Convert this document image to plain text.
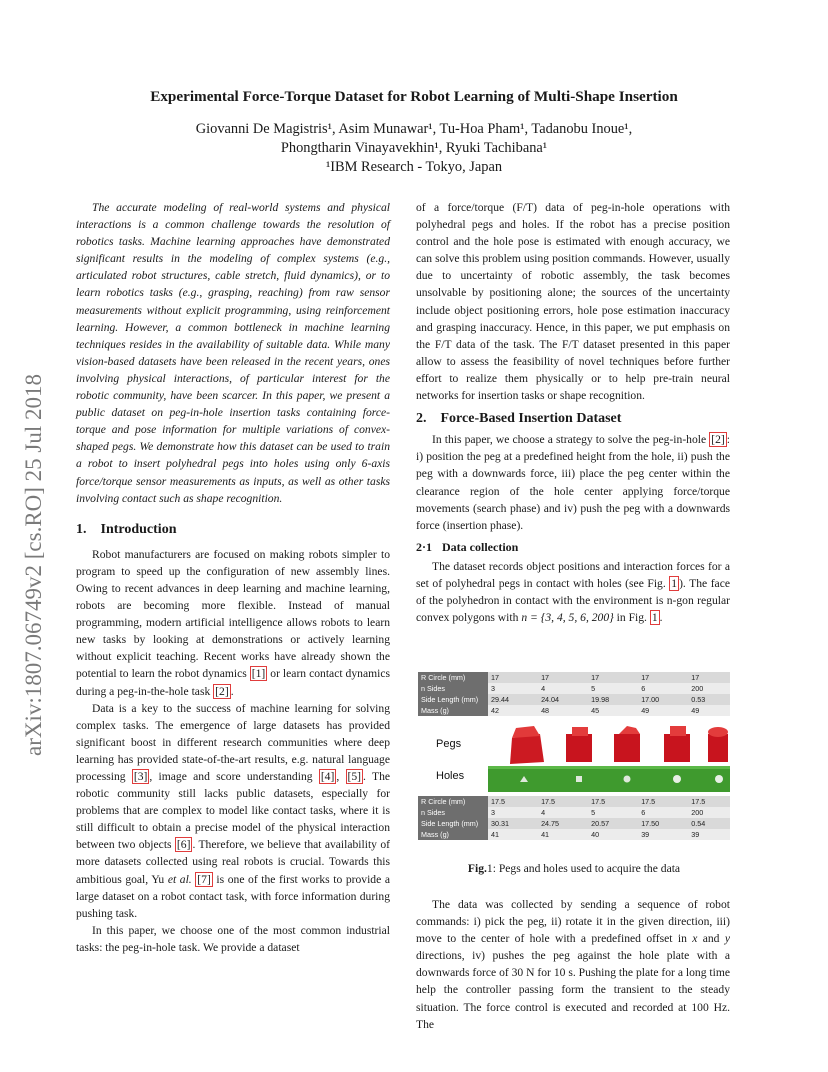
arXiv:1807.06749v2 [cs.RO] 25 Jul 2018
Experimental Force-Torque Dataset for Robot Learning of Multi-Shape Insertion
Giovanni De Magistris¹, Asim Munawar¹, Tu-Hoa Pham¹, Tadanobu Inoue¹,
Phongtharin Vinayavekhin¹, Ryuki Tachibana¹
¹IBM Research - Tokyo, Japan

The accurate modeling of real-world systems and physical interactions is a common challenge towards the resolution of robotics tasks. Machine learning approaches have demonstrated significant results in the modeling of complex systems (e.g., articulated robot structures, cable stretch, fluid dynamics), or to learn robotics tasks (e.g., grasping, reaching) from raw sensor measurements without explicit programming, using reinforcement learning. However, a common bottleneck in machine learning techniques resides in the availability of suitable data. While many vision-based datasets have been released in the recent years, ones involving physical interactions, of particular interest for the robotic community, have been scarcer. In this paper, we present a public dataset on peg-in-hole insertion tasks containing force-torque and pose information for multiple variations of convex-shaped pegs. We demonstrate how this dataset can be used to train a robot to insert polyhedral pegs into holes using only 6-axis force/torque sensor measurements as inputs, as well as other tasks involving contact such as shape recognition.

1. Introduction

Robot manufacturers are focused on making robots simpler to program to speed up the configuration of new assembly lines. Owing to recent advances in deep learning and machine learning, robots are becoming more flexible. Instead of manual programming, modern artificial intelligence allows robots to learn new tasks by looking at demonstrations or actively learning without explicit teaching. Recent works have already shown the potential to learn the robot dynamics [1] or learn contact dynamics during a peg-in-the-hole task [2] .

Data is a key to the success of machine learning for solving complex tasks. The emergence of large datasets has provided significant boost in different research communities where deep learning has provided state-of-the-art results, e.g. natural language processing [3] , image and score understanding [4] , [5] . The robotic community still lacks public datasets, especially for problems that are complex to model like contact tasks, where it is still difficult to obtain a precise model of the physical interaction between two objects [6] . Therefore, we believe that availability of more datasets collected using real robots is crucial. Towards this ambitious goal, Yu et al. [7] is one of the first works to provide a large dataset on a robot contact task, with force information during pushing task.

In this paper, we choose one of the most common industrial tasks: the peg-in-hole task. We provide a dataset

of a force/torque (F/T) data of peg-in-hole operations with polyhedral pegs and holes. If the robot has a precise position control and the hole pose is estimated with enough accuracy, we can solve this problem using position commands. However, usually due to uncertainty of robotic assembly, the task becomes unsolvable by positioning alone; the sources of the uncertainty include object positioning errors, hole pose estimation inaccuracy and grasping inaccuracy. Hence, in this paper, we put emphasis on the F/T data of the task. The F/T dataset presented in this paper allow to assess the feasibility of novel techniques before further effort to realize them physically or to help pre-train neural networks for insertion tasks or shape recognition.

2. Force-Based Insertion Dataset

In this paper, we choose a strategy to solve the peg-in-hole [2] : i) position the peg at a predefined height from the hole, ii) push the peg with a downwards force, iii) place the peg center within the clearance region of the hole center applying force/torque movements (search phase) and iv) push the peg with a downwards force (insertion phase).

2·1 Data collection

The dataset records object positions and interaction forces for a set of polyhedral pegs in contact with holes (see Fig. 1 ). The face of the polyhedron in contact with the environment is n-gon regular convex polygons with n = {3, 4, 5, 6, 200} in Fig. 1 .

R Circle (mm)	17	17	17	17	17
n Sides	3	4	5	6	200
Side Length (mm)	29.44	24.04	19.98	17.00	0.53
Mass (g)	42	48	45	49	49
Pegs
Holes
R Circle (mm)	17.5	17.5	17.5	17.5	17.5
n Sides	3	4	5	6	200
Side Length (mm)	30.31	24.75	20.57	17.50	0.54
Mass (g)	41	41	40	39	39
Fig.1: Pegs and holes used to acquire the data

The data was collected by sending a sequence of robot commands: i) pick the peg, ii) rotate it in the given direction, iii) move to the center of hole with a predefined offset in x and y directions, iv) pushes the peg against the hole plate with a downwards force of 30 N for 10 s. Pushing the plate for a long time help the controller passing form the transient to the steady situation. The force control is executed and recorded at 100 Hz. The
